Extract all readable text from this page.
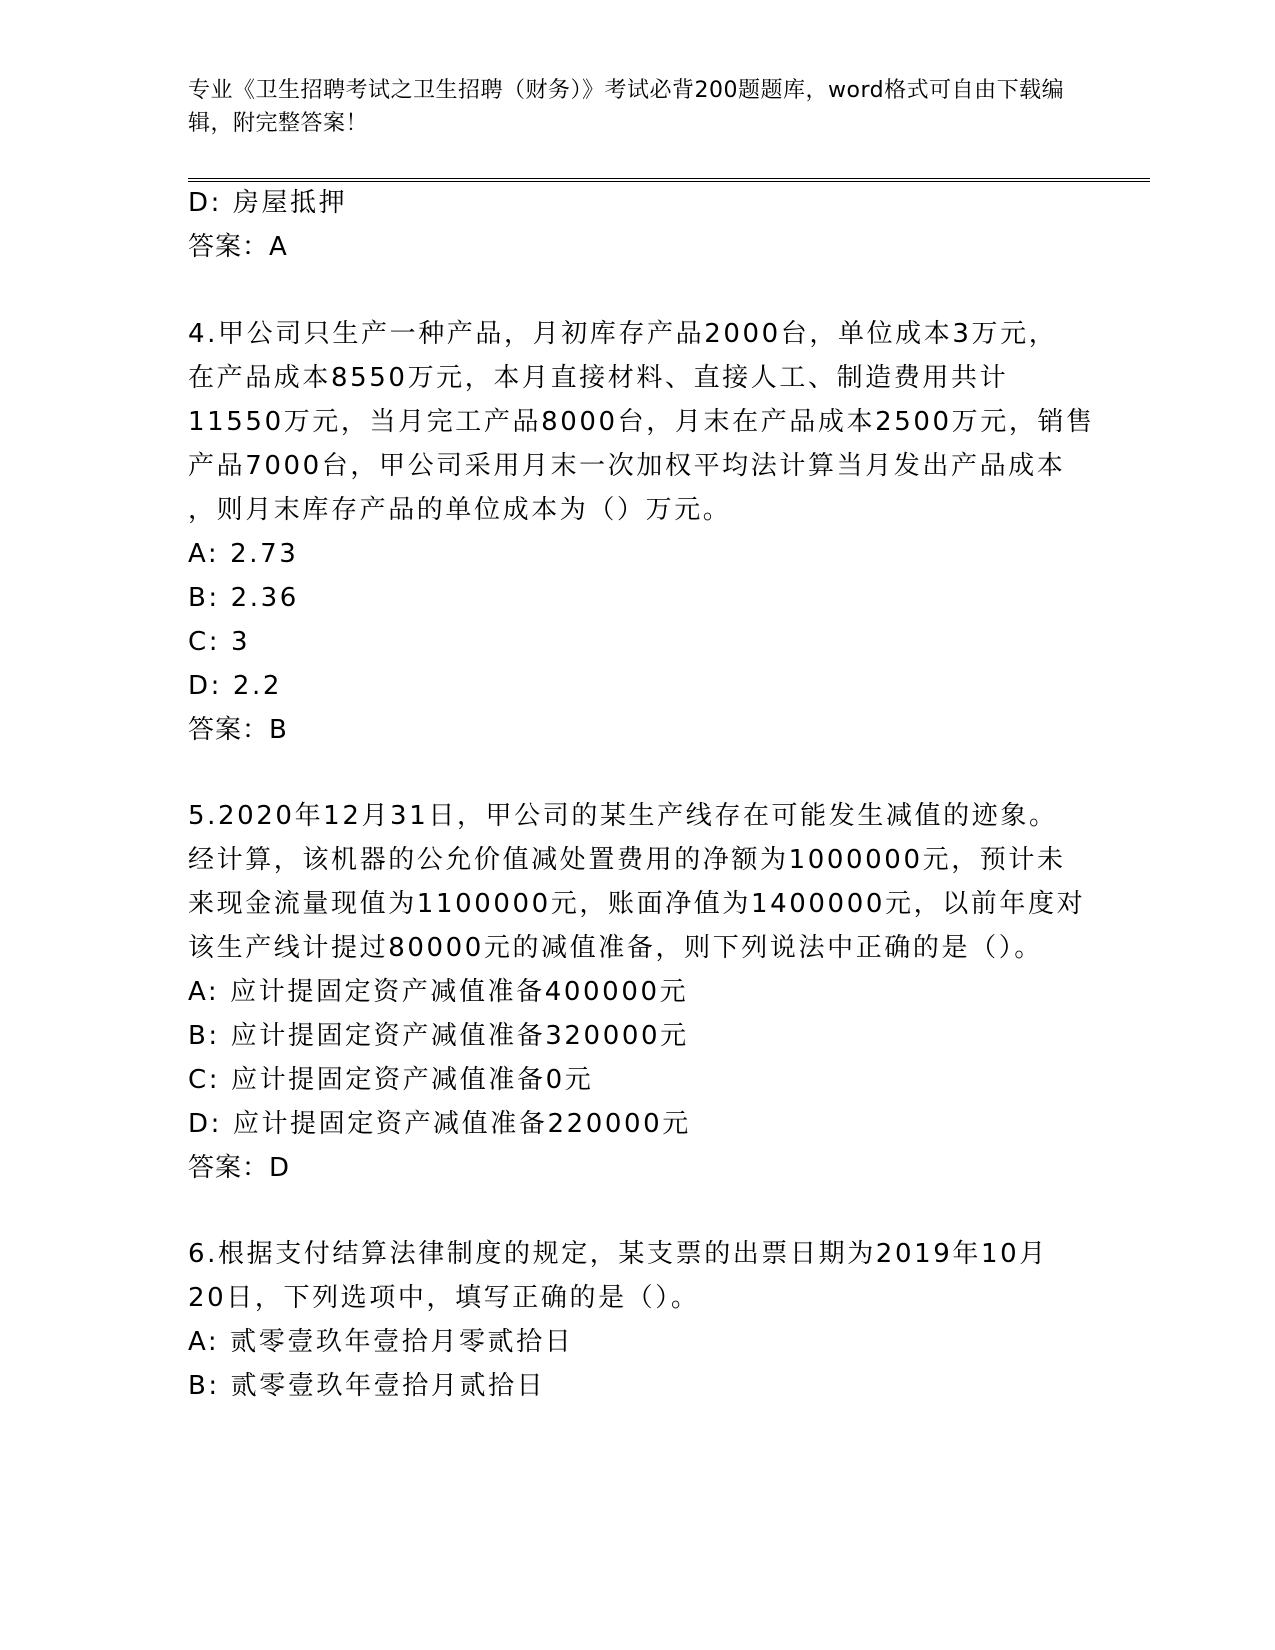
专业《卫生招聘考试之卫生招聘（财务）》考试必背200题题库，word格式可自由下载编辑，附完整答案！

D: 房屋抵押

答案：A

4.甲公司只生产一种产品，月初库存产品2000台，单位成本3万元，

在产品成本8550万元，本月直接材料、直接人工、制造费用共计

11550万元，当月完工产品8000台，月末在产品成本2500万元，销售

产品7000台，甲公司采用月末一次加权平均法计算当月发出产品成本

，则月末库存产品的单位成本为（）万元。

A: 2.73

B: 2.36

C: 3

D: 2.2

答案：B

5.2020年12月31日，甲公司的某生产线存在可能发生减值的迹象。

经计算，该机器的公允价值减处置费用的净额为1000000元，预计未

来现金流量现值为1100000元，账面净值为1400000元，以前年度对

该生产线计提过80000元的减值准备，则下列说法中正确的是（）。

A: 应计提固定资产减值准备400000元

B: 应计提固定资产减值准备320000元

C: 应计提固定资产减值准备0元

D: 应计提固定资产减值准备220000元

答案：D

6.根据支付结算法律制度的规定，某支票的出票日期为2019年10月

20日，下列选项中，填写正确的是（）。

A: 贰零壹玖年壹拾月零贰拾日

B: 贰零壹玖年壹拾月贰拾日
